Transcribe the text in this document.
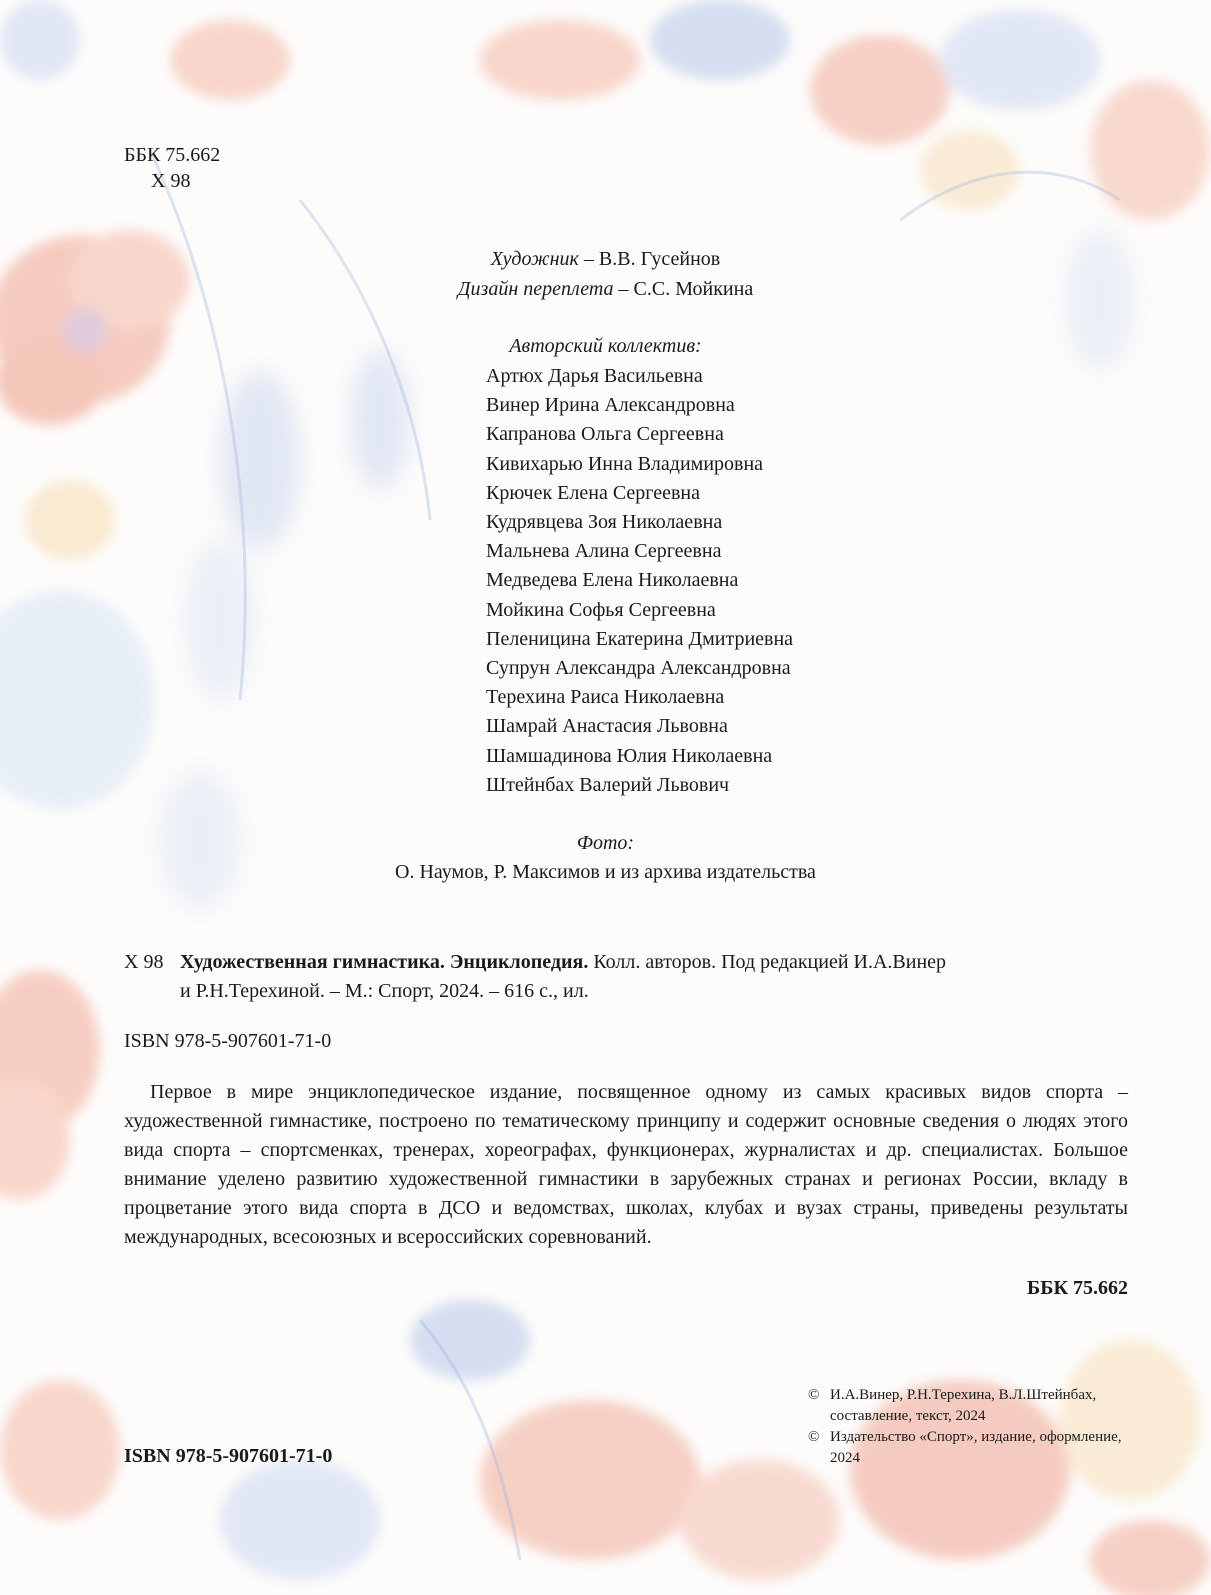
ББК 75.662
Х 98
Художник – В.В. Гусейнов
Дизайн переплета – С.С. Мойкина
Авторский коллектив:
Артюх Дарья Васильевна
Винер Ирина Александровна
Капранова Ольга Сергеевна
Кивихарью Инна Владимировна
Крючек Елена Сергеевна
Кудрявцева Зоя Николаевна
Мальнева Алина Сергеевна
Медведева Елена Николаевна
Мойкина Софья Сергеевна
Пеленицина Екатерина Дмитриевна
Супрун Александра Александровна
Терехина Раиса Николаевна
Шамрай Анастасия Львовна
Шамшадинова Юлия Николаевна
Штейнбах Валерий Львович
Фото:
О. Наумов, Р. Максимов и из архива издательства
Х 98 Художественная гимнастика. Энциклопедия. Колл. авторов. Под редакцией И.А.Винер
и Р.Н.Терехиной. – М.: Спорт, 2024. – 616 с., ил.
ISBN 978-5-907601-71-0

Первое в мире энциклопедическое издание, посвященное одному из самых красивых видов спорта – художественной гимнастике, построено по тематическому принципу и содержит основные сведения о людях этого вида спорта – спортсменках, тренерах, хореографах, функционерах, журналистах и др. специалистах. Большое внимание уделено развитию художественной гимнастики в зарубежных странах и регионах России, вкладу в процветание этого вида спорта в ДСО и ведомствах, школах, клубах и вузах страны, приведены результаты международных, всесоюзных и всероссийских соревнований.

ББК 75.662
ISBN 978-5-907601-71-0
© И.А.Винер, Р.Н.Терехина, В.Л.Штейнбах, составление, текст, 2024
© Издательство «Спорт», издание, оформление, 2024
